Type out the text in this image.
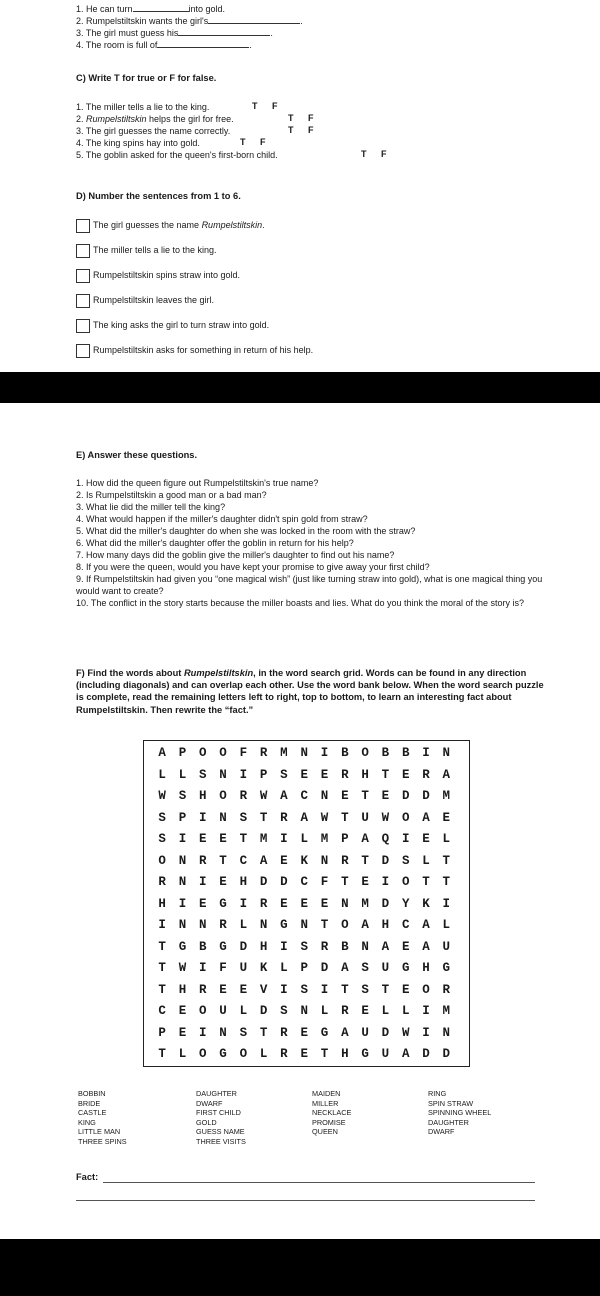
1. He can turn	into gold.
2. Rumpelstiltskin wants the girl's	.
3. The girl must guess his	.
4. The room is full of	.
C) Write T for true or F for false.
1. The miller tells a lie to the king.	T F
2. Rumpelstiltskin helps the girl for free.	T F
3. The girl guesses the name correctly.	T F
4. The king spins hay into gold.	T F
5. The goblin asked for the queen's first-born child.	T F
D) Number the sentences from 1 to 6.
The girl guesses the name Rumpelstiltskin.
The miller tells a lie to the king.
Rumpelstiltskin spins straw into gold.
Rumpelstiltskin leaves the girl.
The king asks the girl to turn straw into gold.
Rumpelstiltskin asks for something in return of his help.
E) Answer these questions.
1. How did the queen figure out Rumpelstiltskin's true name?
2. Is Rumpelstiltskin a good man or a bad man?
3. What lie did the miller tell the king?
4. What would happen if the miller's daughter didn't spin gold from straw?
5. What did the miller's daughter do when she was locked in the room with the straw?
6. What did the miller's daughter offer the goblin in return for his help?
7. How many days did the goblin give the miller's daughter to find out his name?
8. If you were the queen, would you have kept your promise to give away your first child?
9. If Rumpelstiltskin had given you “one magical wish” (just like turning straw into gold), what is one magical thing you would want to create?
10. The conflict in the story starts because the miller boasts and lies. What do you think the moral of the story is?
F) Find the words about Rumpelstiltskin, in the word search grid. Words can be found in any direction (including diagonals) and can overlap each other. Use the word bank below. When the word search puzzle is complete, read the remaining letters left to right, top to bottom, to learn an interesting fact about Rumpelstiltskin. Then rewrite the “fact.”
A P O O F R M N I B O B B I N
L L S N I P S E E R H T E R A
W S H O R W A C N E T E D D M
S P I N S T R A W T U W O A E
S I E E T M I L M P A Q I E L
O N R T C A E K N R T D S L T
R N I E H D D C F T E I O T T
H I E G I R E E E N M D Y K I
I N N R L N G N T O A H C A L
T G B G D H I S R B N A E A U
T W I F U K L P D A S U G H G
T H R E E V I S I T S T E O R
C E O U L D S N L R E L L I M
P E I N S T R E G A U D W I N
T L O G O L R E T H G U A D D
BOBBIN
BRIDE
CASTLE
KING
LITTLE MAN
THREE SPINS
DAUGHTER
DWARF
FIRST CHILD
GOLD
GUESS NAME
THREE VISITS
MAIDEN
MILLER
NECKLACE
PROMISE
QUEEN
RING
SPIN STRAW
SPINNING WHEEL
DAUGHTER
DWARF
Fact:
